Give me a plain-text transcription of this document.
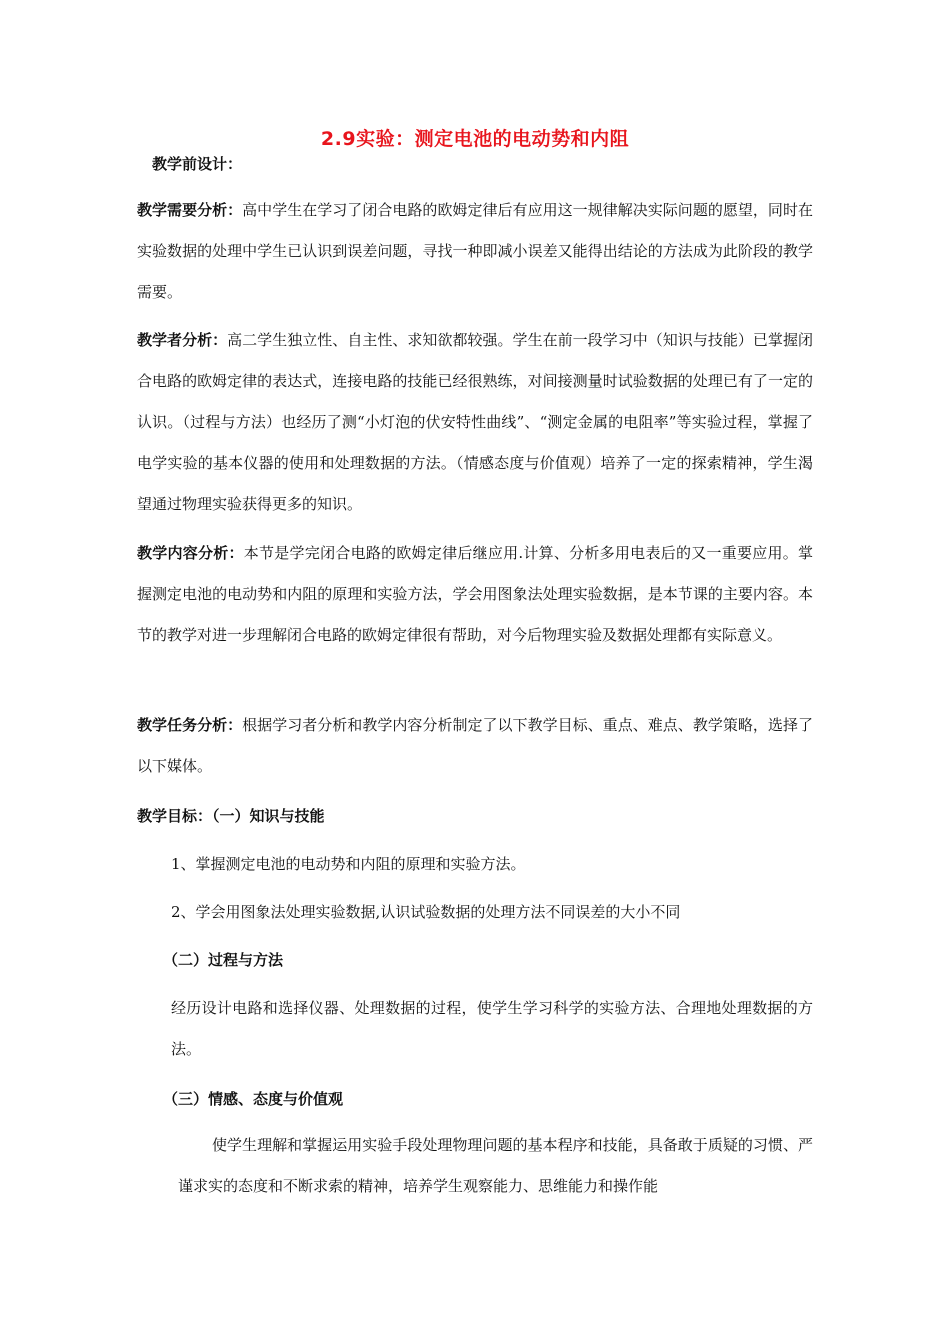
2.9实验：测定电池的电动势和内阻
教学前设计：
教学需要分析：高中学生在学习了闭合电路的欧姆定律后有应用这一规律解决实际问题的愿望，同时在实验数据的处理中学生已认识到误差问题，寻找一种即减小误差又能得出结论的方法成为此阶段的教学需要。
教学者分析：高二学生独立性、自主性、求知欲都较强。学生在前一段学习中（知识与技能）已掌握闭合电路的欧姆定律的表达式，连接电路的技能已经很熟练，对间接测量时试验数据的处理已有了一定的认识。（过程与方法）也经历了测“小灯泡的伏安特性曲线”、“测定金属的电阻率”等实验过程，掌握了电学实验的基本仪器的使用和处理数据的方法。（情感态度与价值观）培养了一定的探索精神，学生渴望通过物理实验获得更多的知识。
教学内容分析：本节是学完闭合电路的欧姆定律后继应用.计算、分析多用电表后的又一重要应用。掌握测定电池的电动势和内阻的原理和实验方法，学会用图象法处理实验数据，是本节课的主要内容。本节的教学对进一步理解闭合电路的欧姆定律很有帮助，对今后物理实验及数据处理都有实际意义。
教学任务分析：根据学习者分析和教学内容分析制定了以下教学目标、重点、难点、教学策略，选择了以下媒体。
教学目标：（一）知识与技能
1、掌握测定电池的电动势和内阻的原理和实验方法。
2、学会用图象法处理实验数据,认识试验数据的处理方法不同误差的大小不同
（二）过程与方法
经历设计电路和选择仪器、处理数据的过程，使学生学习科学的实验方法、合理地处理数据的方法。
（三）情感、态度与价值观
使学生理解和掌握运用实验手段处理物理问题的基本程序和技能，具备敢于质疑的习惯、严谨求实的态度和不断求索的精神，培养学生观察能力、思维能力和操作能
